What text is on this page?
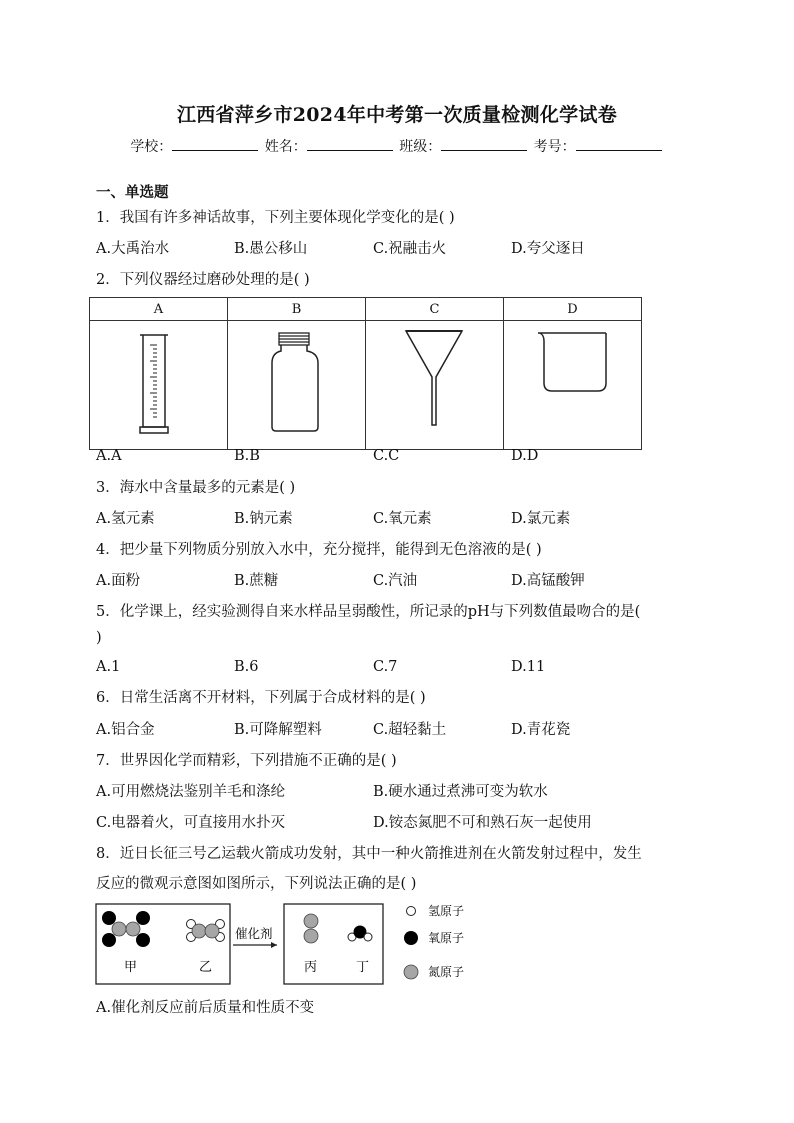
江西省萍乡市2024年中考第一次质量检测化学试卷
学校：	姓名：	班级：	考号：
一、单选题
1．我国有许多神话故事，下列主要体现化学变化的是( )
A.大禹治水	B.愚公移山	C.祝融击火	D.夸父逐日
2．下列仪器经过磨砂处理的是( )
A	B	C	D

A.A	B.B	C.C	D.D
3．海水中含量最多的元素是( )
A.氢元素	B.钠元素	C.氧元素	D.氯元素
4．把少量下列物质分别放入水中，充分搅拌，能得到无色溶液的是( )
A.面粉	B.蔗糖	C.汽油	D.高锰酸钾
5．化学课上，经实验测得自来水样品呈弱酸性，所记录的pH与下列数值最吻合的是(
)
A.1	B.6	C.7	D.11
6．日常生活离不开材料，下列属于合成材料的是( )
A.铝合金	B.可降解塑料	C.超轻黏土	D.青花瓷
7．世界因化学而精彩，下列措施不正确的是( )
A.可用燃烧法鉴别羊毛和涤纶	B.硬水通过煮沸可变为软水
C.电器着火，可直接用水扑灭	D.铵态氮肥不可和熟石灰一起使用
8．近日长征三号乙运载火箭成功发射，其中一种火箭推进剂在火箭发射过程中，发生
反应的微观示意图如图所示，下列说法正确的是( )
甲	乙
催化剂
丙	丁
氢原子
氧原子
氮原子
A.催化剂反应前后质量和性质不变
